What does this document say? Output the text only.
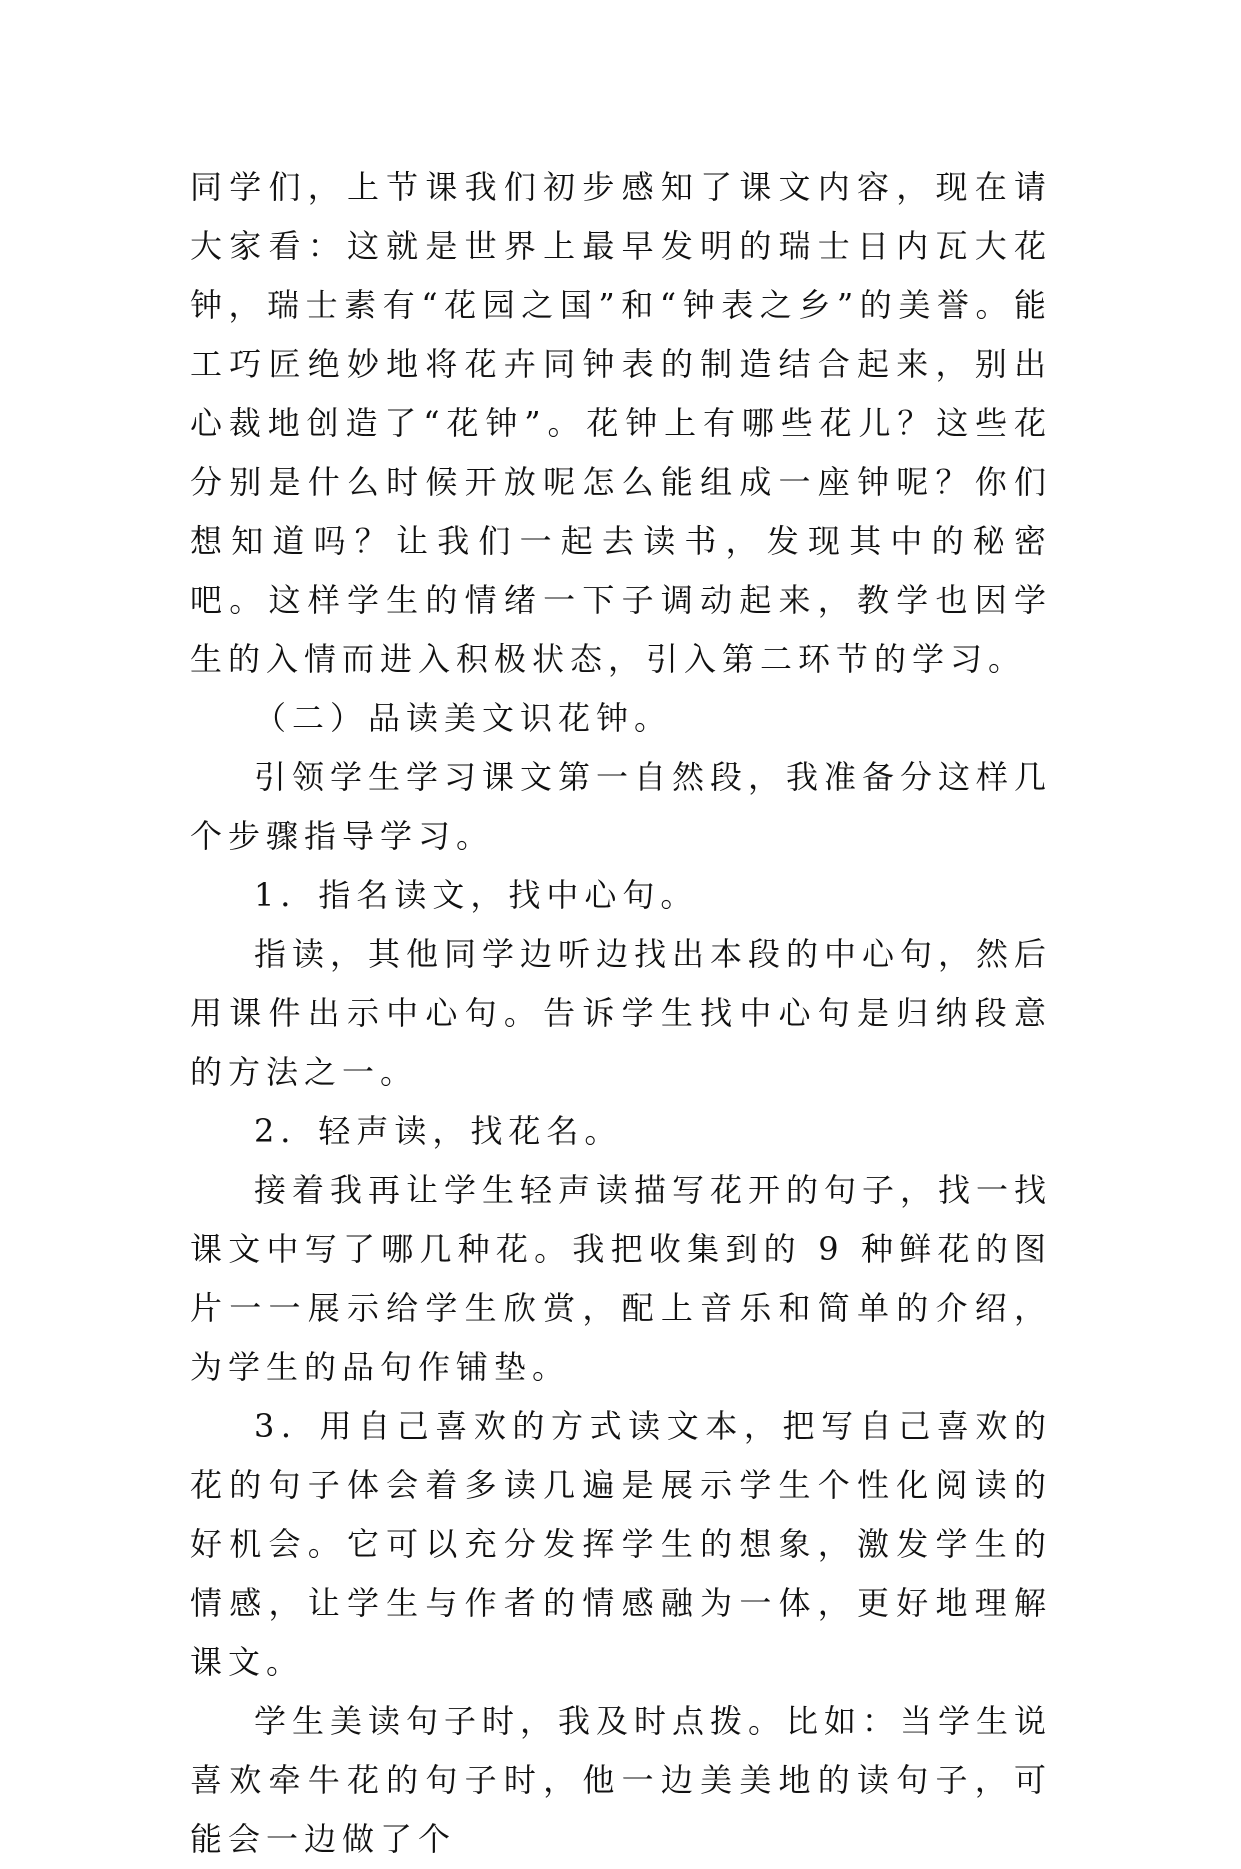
同学们，上节课我们初步感知了课文内容，现在请大家看：这就是世界上最早发明的瑞士日内瓦大花钟，瑞士素有“花园之国”和“钟表之乡”的美誉。能工巧匠绝妙地将花卉同钟表的制造结合起来，别出心裁地创造了“花钟”。花钟上有哪些花儿？这些花分别是什么时候开放呢怎么能组成一座钟呢？你们想知道吗？让我们一起去读书，发现其中的秘密吧。这样学生的情绪一下子调动起来，教学也因学生的入情而进入积极状态，引入第二环节的学习。

（二）品读美文识花钟。

引领学生学习课文第一自然段，我准备分这样几个步骤指导学习。

1．指名读文，找中心句。

指读，其他同学边听边找出本段的中心句，然后用课件出示中心句。告诉学生找中心句是归纳段意的方法之一。

2．轻声读，找花名。

接着我再让学生轻声读描写花开的句子，找一找课文中写了哪几种花。我把收集到的 9 种鲜花的图片一一展示给学生欣赏，配上音乐和简单的介绍，为学生的品句作铺垫。

3．用自己喜欢的方式读文本，把写自己喜欢的花的句子体会着多读几遍是展示学生个性化阅读的好机会。它可以充分发挥学生的想象，激发学生的情感，让学生与作者的情感融为一体，更好地理解课文。

学生美读句子时，我及时点拨。比如：当学生说喜欢牵牛花的句子时，他一边美美地的读句子，可能会一边做了个
